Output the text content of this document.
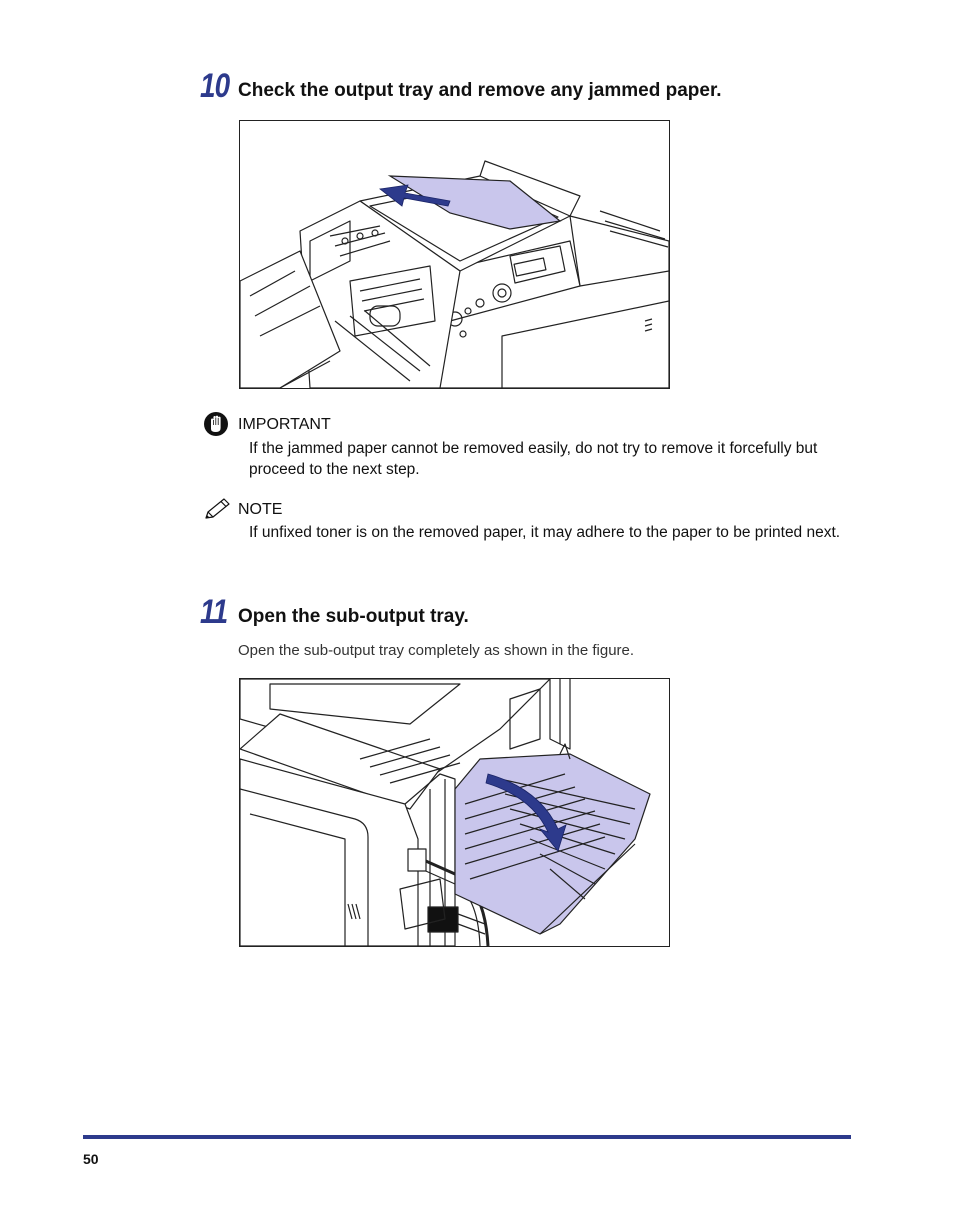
10 Check the output tray and remove any jammed paper.
IMPORTANT
If the jammed paper cannot be removed easily, do not try to remove it forcefully but proceed to the next step.
NOTE
If unfixed toner is on the removed paper, it may adhere to the paper to be printed next.
11 Open the sub-output tray.
Open the sub-output tray completely as shown in the figure.
50
